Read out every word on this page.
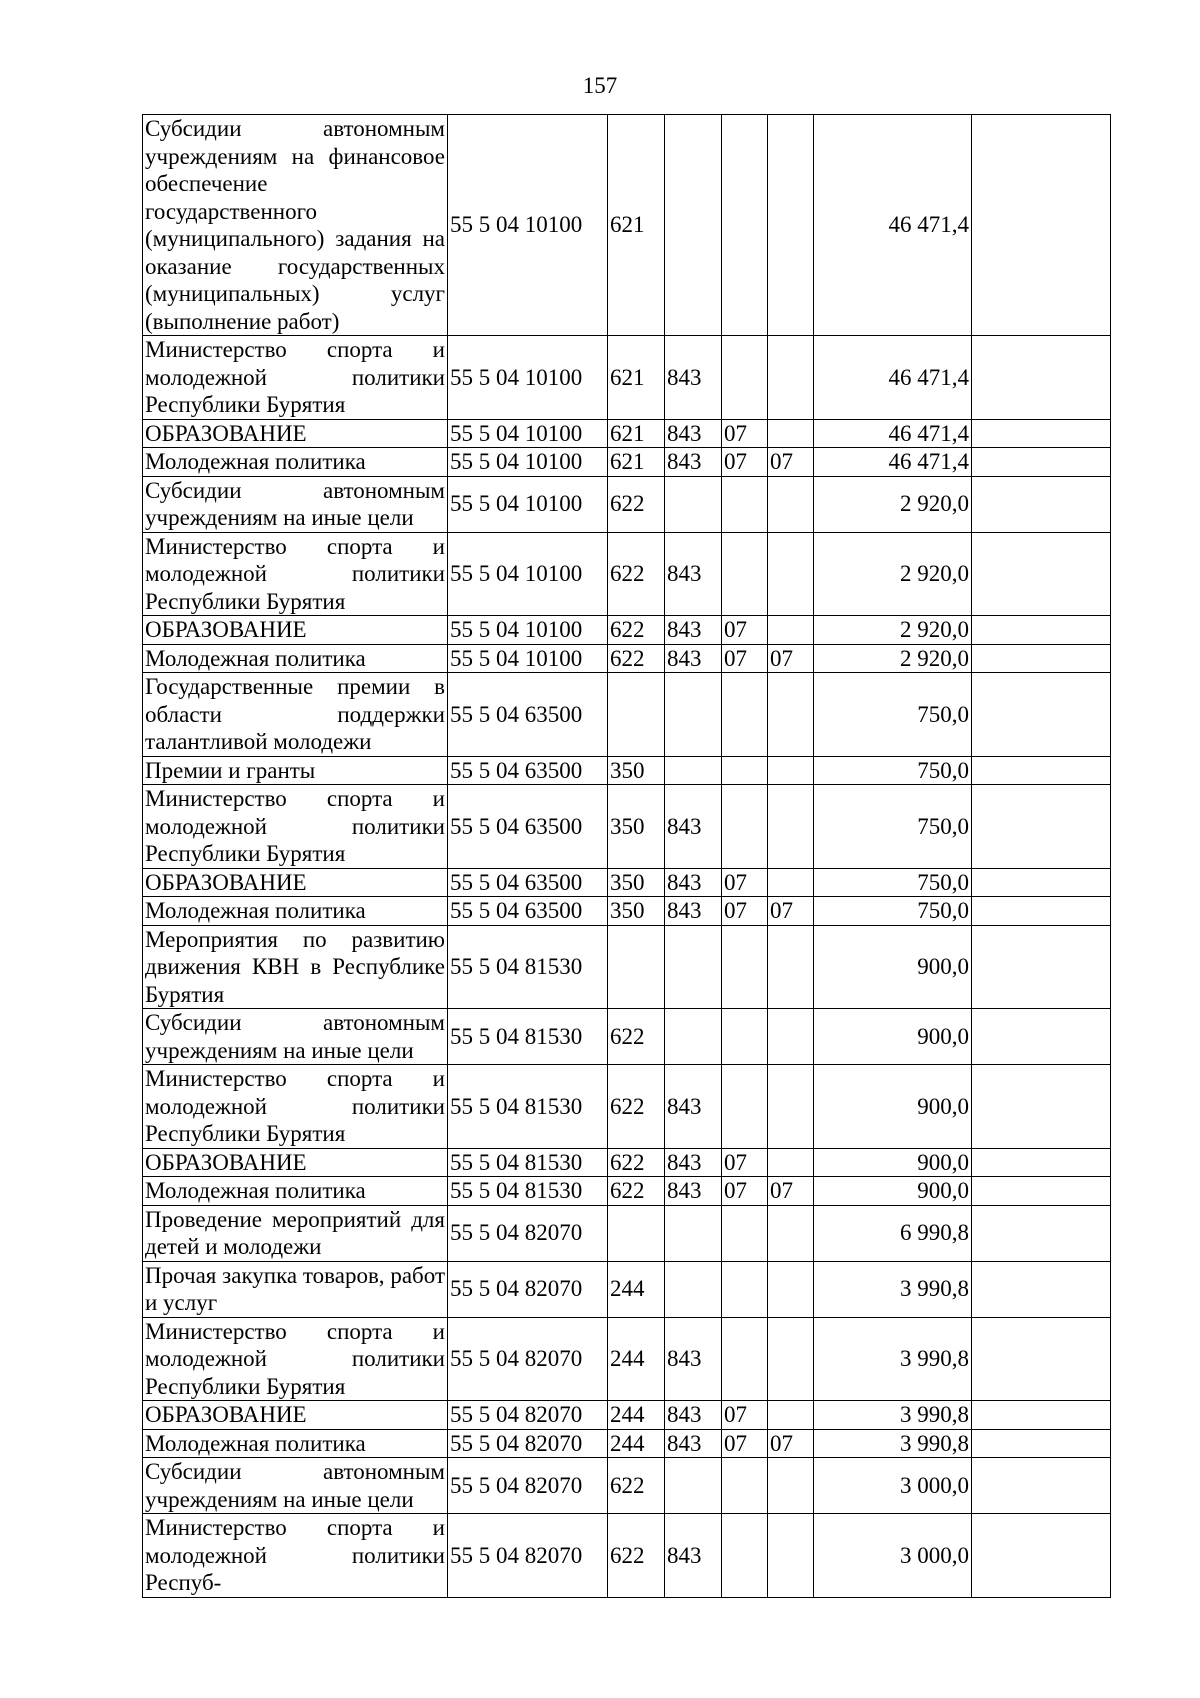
157
Субсидии автономным учреждениям на финансовое обеспечение государственного (муниципального) задания на оказание государственных (муниципальных) услуг (выполнение работ)	55 5 04 10100	621				46 471,4	
Министерство спорта и молодежной политики Республики Бурятия	55 5 04 10100	621	843			46 471,4	
ОБРАЗОВАНИЕ	55 5 04 10100	621	843	07		46 471,4	
Молодежная политика	55 5 04 10100	621	843	07	07	46 471,4	
Субсидии автономным учреждениям на иные цели	55 5 04 10100	622				2 920,0	
Министерство спорта и молодежной политики Республики Бурятия	55 5 04 10100	622	843			2 920,0	
ОБРАЗОВАНИЕ	55 5 04 10100	622	843	07		2 920,0	
Молодежная политика	55 5 04 10100	622	843	07	07	2 920,0	
Государственные премии в области поддержки талантливой молодежи	55 5 04 63500					750,0	
Премии и гранты	55 5 04 63500	350				750,0	
Министерство спорта и молодежной политики Республики Бурятия	55 5 04 63500	350	843			750,0	
ОБРАЗОВАНИЕ	55 5 04 63500	350	843	07		750,0	
Молодежная политика	55 5 04 63500	350	843	07	07	750,0	
Мероприятия по развитию движения КВН в Республике Бурятия	55 5 04 81530					900,0	
Субсидии автономным учреждениям на иные цели	55 5 04 81530	622				900,0	
Министерство спорта и молодежной политики Республики Бурятия	55 5 04 81530	622	843			900,0	
ОБРАЗОВАНИЕ	55 5 04 81530	622	843	07		900,0	
Молодежная политика	55 5 04 81530	622	843	07	07	900,0	
Проведение мероприятий для детей и молодежи	55 5 04 82070					6 990,8	
Прочая закупка товаров, работ и услуг	55 5 04 82070	244				3 990,8	
Министерство спорта и молодежной политики Республики Бурятия	55 5 04 82070	244	843			3 990,8	
ОБРАЗОВАНИЕ	55 5 04 82070	244	843	07		3 990,8	
Молодежная политика	55 5 04 82070	244	843	07	07	3 990,8	
Субсидии автономным учреждениям на иные цели	55 5 04 82070	622				3 000,0	
Министерство спорта и молодежной политики Респуб-	55 5 04 82070	622	843			3 000,0	
